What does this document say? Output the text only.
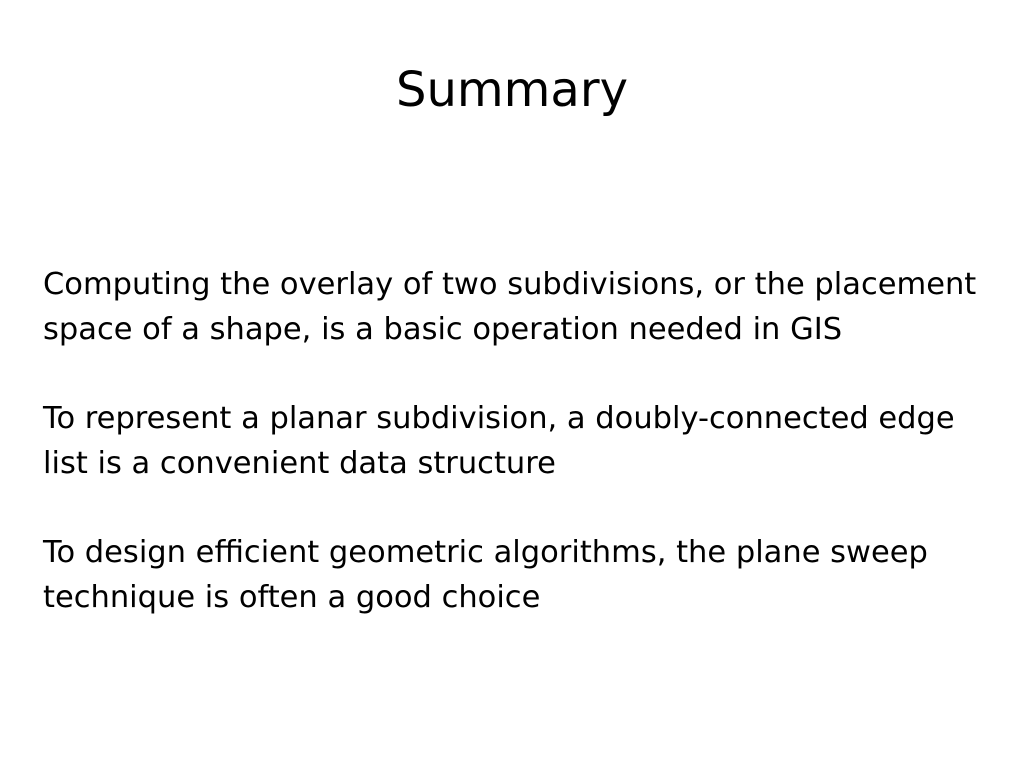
Summary

Computing the overlay of two subdivisions, or the placement
space of a shape, is a basic operation needed in GIS

To represent a planar subdivision, a doubly-connected edge
list is a convenient data structure

To design efficient geometric algorithms, the plane sweep
technique is often a good choice
